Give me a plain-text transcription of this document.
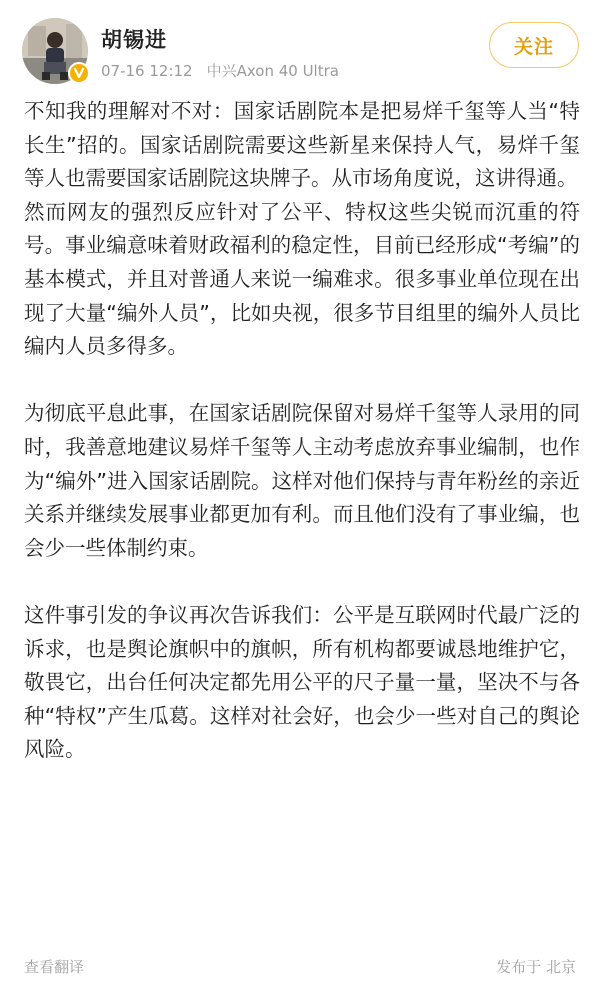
胡锡进
07-16 12:12 中兴Axon 40 Ultra
关注

不知我的理解对不对：国家话剧院本是把易烊千玺等人当“特长生”招的。国家话剧院需要这些新星来保持人气，易烊千玺等人也需要国家话剧院这块牌子。从市场角度说，这讲得通。

然而网友的强烈反应针对了公平、特权这些尖锐而沉重的符号。事业编意味着财政福利的稳定性，目前已经形成“考编”的基本模式，并且对普通人来说一编难求。很多事业单位现在出现了大量“编外人员”，比如央视，很多节目组里的编外人员比编内人员多得多。

为彻底平息此事，在国家话剧院保留对易烊千玺等人录用的同时，我善意地建议易烊千玺等人主动考虑放弃事业编制，也作为“编外”进入国家话剧院。这样对他们保持与青年粉丝的亲近关系并继续发展事业都更加有利。而且他们没有了事业编，也会少一些体制约束。

这件事引发的争议再次告诉我们：公平是互联网时代最广泛的诉求，也是舆论旗帜中的旗帜，所有机构都要诚恳地维护它，敬畏它，出台任何决定都先用公平的尺子量一量，坚决不与各种“特权”产生瓜葛。这样对社会好，也会少一些对自己的舆论风险。

查看翻译	发布于 北京
